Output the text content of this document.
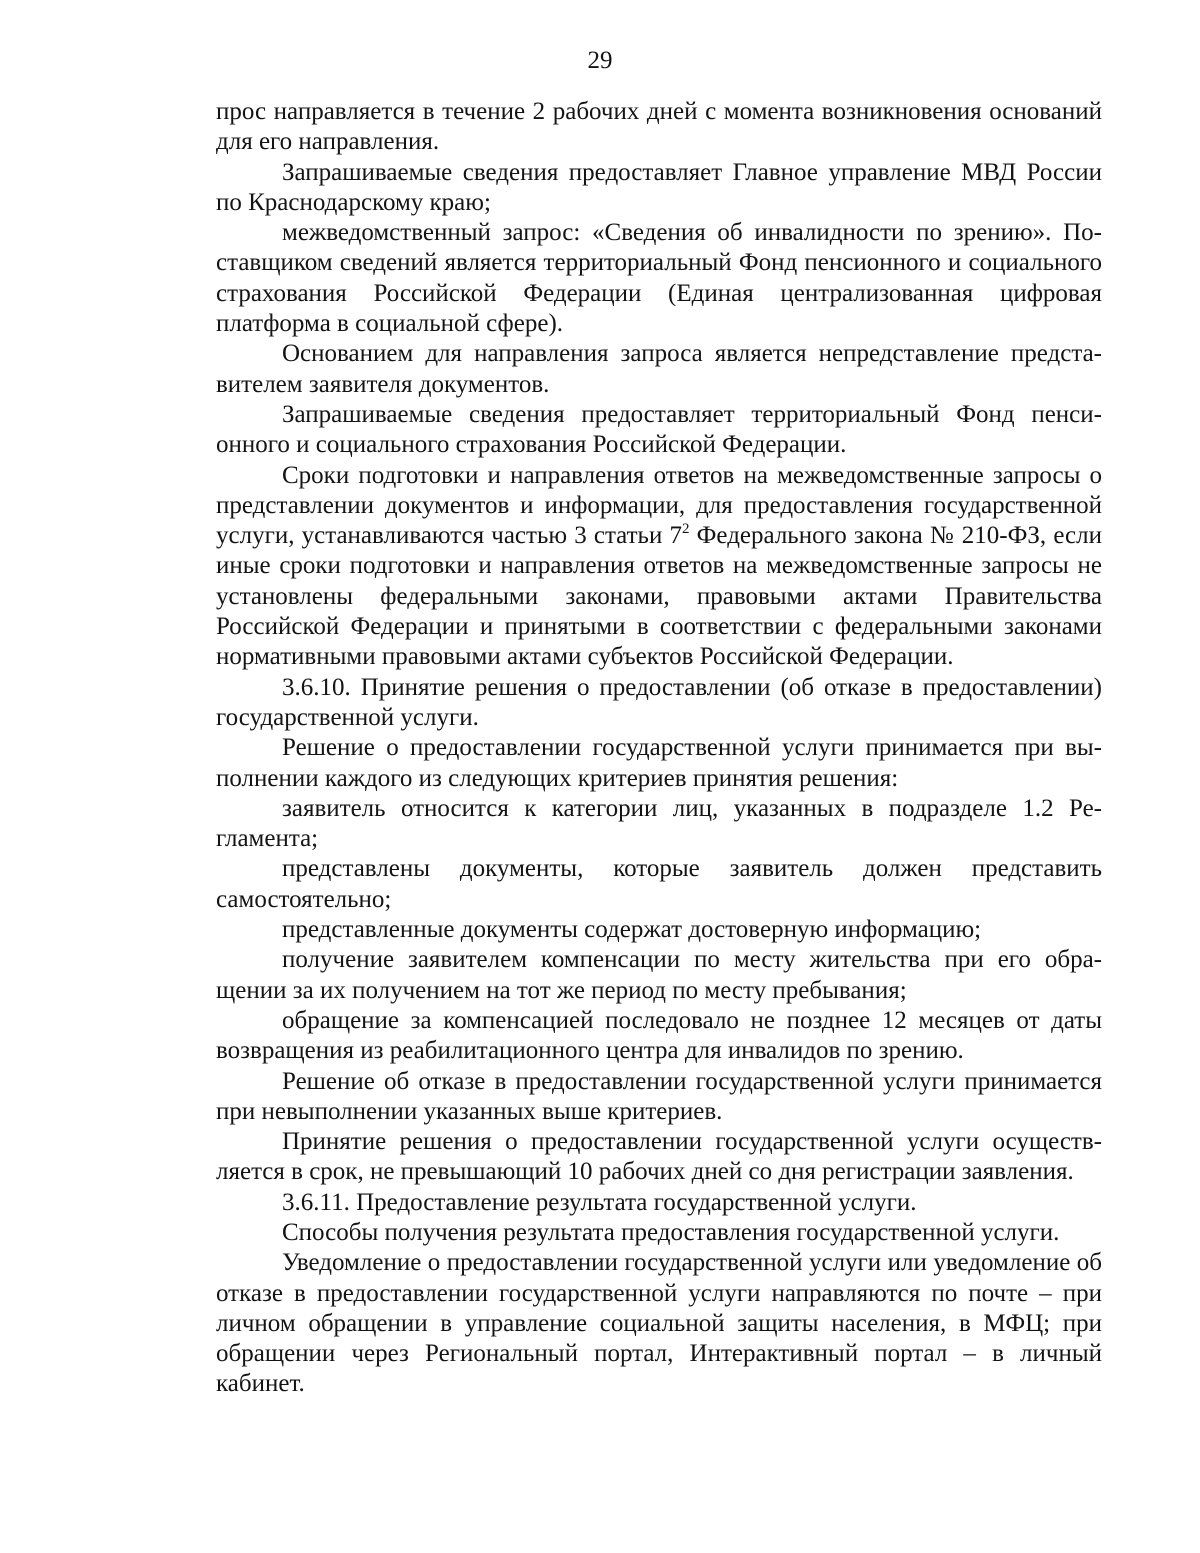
29

прос направляется в течение 2 рабочих дней с момента возникновения оснований для его направления.

Запрашиваемые сведения предоставляет Главное управление МВД России по Краснодарскому краю;

межведомственный запрос: «Сведения об инвалидности по зрению». Поставщиком сведений является территориальный Фонд пенсионного и социального страхования Российской Федерации (Единая централизованная цифровая платформа в социальной сфере).

Основанием для направления запроса является непредставление представителем заявителя документов.

Запрашиваемые сведения предоставляет территориальный Фонд пенсионного и социального страхования Российской Федерации.

Сроки подготовки и направления ответов на межведомственные запросы о представлении документов и информации, для предоставления государственной услуги, устанавливаются частью 3 статьи $7^2$ Федерального закона № 210-ФЗ, если иные сроки подготовки и направления ответов на межведомственные запросы не установлены федеральными законами, правовыми актами Правительства Российской Федерации и принятыми в соответствии с федеральными законами нормативными правовыми актами субъектов Российской Федерации.

3.6.10. Принятие решения о предоставлении (об отказе в предоставлении) государственной услуги.

Решение о предоставлении государственной услуги принимается при выполнении каждого из следующих критериев принятия решения:

заявитель относится к категории лиц, указанных в подразделе 1.2 Регламента;

представлены документы, которые заявитель должен представить самостоятельно;

представленные документы содержат достоверную информацию;

получение заявителем компенсации по месту жительства при его обращении за их получением на тот же период по месту пребывания;

обращение за компенсацией последовало не позднее 12 месяцев от даты возвращения из реабилитационного центра для инвалидов по зрению.

Решение об отказе в предоставлении государственной услуги принимается при невыполнении указанных выше критериев.

Принятие решения о предоставлении государственной услуги осуществляется в срок, не превышающий 10 рабочих дней со дня регистрации заявления.

3.6.11. Предоставление результата государственной услуги.

Способы получения результата предоставления государственной услуги.

Уведомление о предоставлении государственной услуги или уведомление об отказе в предоставлении государственной услуги направляются по почте – при личном обращении в управление социальной защиты населения, в МФЦ; при обращении через Региональный портал, Интерактивный портал – в личный кабинет.
